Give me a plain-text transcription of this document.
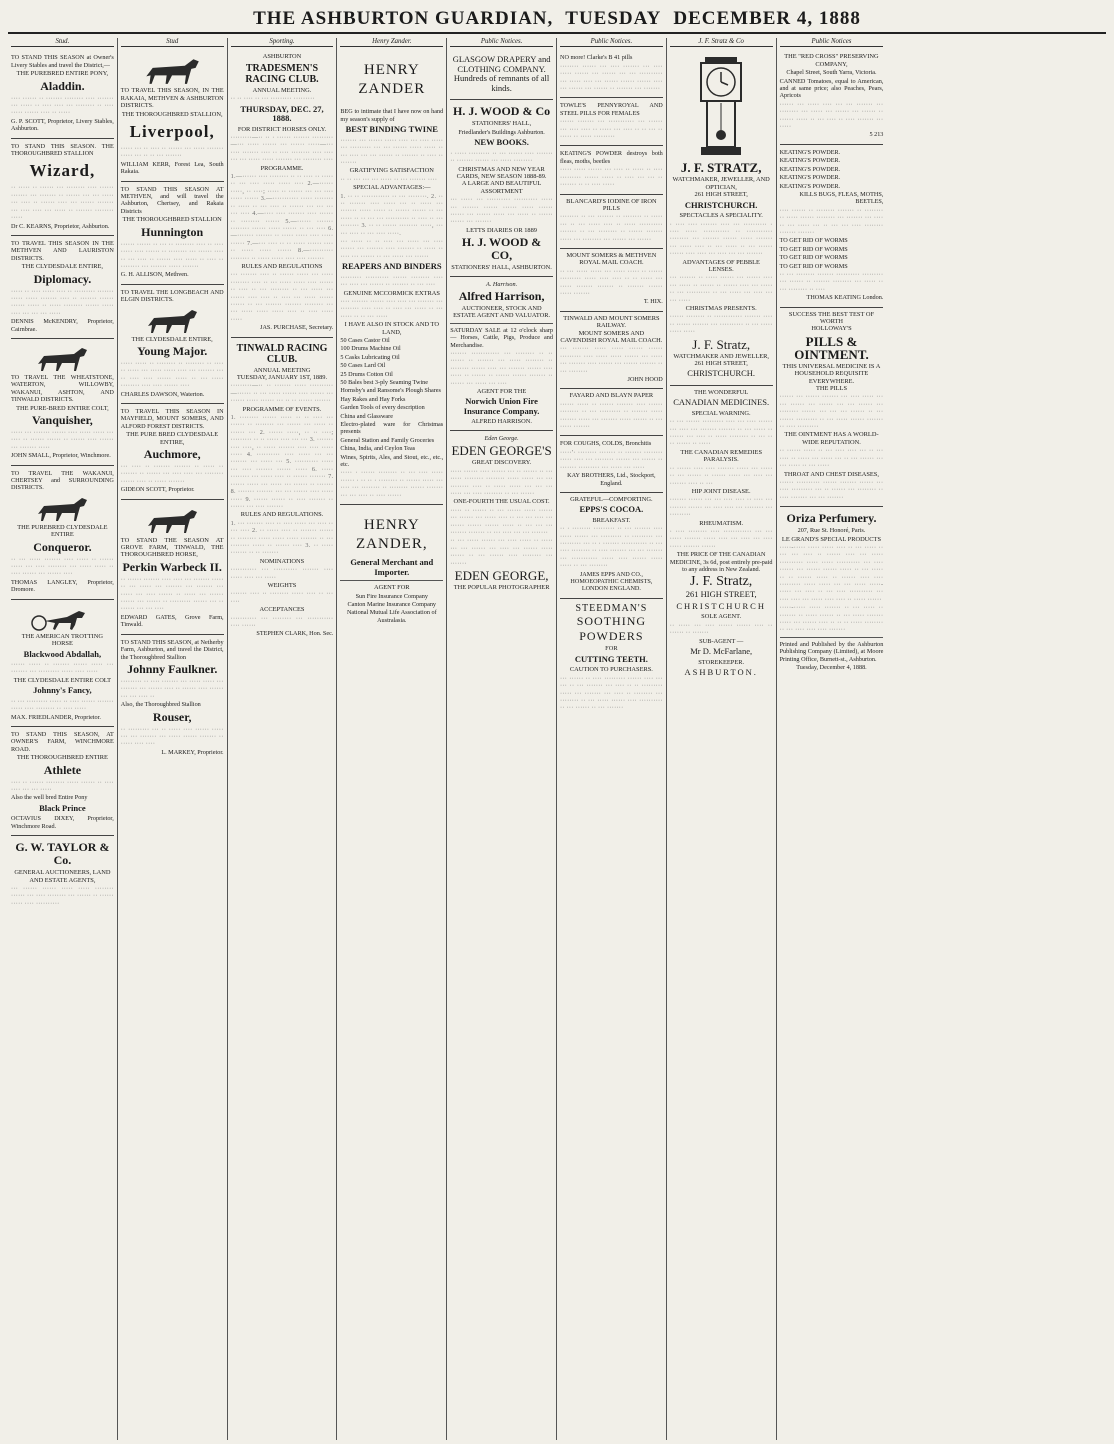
THE ASHBURTON GUARDIAN, TUESDAY DECEMBER 4, 1888
Stud.

TO STAND THIS SEASON at Owner's Livery Stables and travel the District,—

THE PUREBRED ENTIRE PONY,
Aladdin.

···· ······ ·· ······· ········ ···· ······· ··· ····· ·· ···· ···· ··· ········ ·· ···· ····· ······ ···· ·· ·····

G. P. SCOTT, Proprietor, Livery Stables, Ashburton.

TO STAND THIS SEASON. THE THOROUGHBRED STALLION

Wizard,

·· ····· ·· ······ ··· ········ ···· ······ ······· ··· ······· ·· ······ ··· ··· ····· ··· ···· ·· ······ ···· ··· ······ ······· ··· ···· ···· ··· ····· ·· ······· ········ ·····

Dr C. KEARNS, Proprietor, Ashburton.

TO TRAVEL THIS SEASON IN THE METHVEN AND LAURISTON DISTRICTS.

THE CLYDESDALE ENTIRE,
Diplomacy.

····· ·· ···· ····· ···· ·· ········· ······· ····· ····· ······· ···· ·· ······· ······ ······ ····· ·· ····· ········ ······ ····· ···· ··· ··· ··· ·····

DENNIS McKENDRY, Proprietor, Cairnbrae.

TO TRAVEL THE WHEATSTONE, WATERTON, WILLOWBY, WAKANUI, ASHTON, AND TINWALD DISTRICTS.

THE PURE-BRED ENTIRE COLT,
Vanquisher,

····· ··· ······· ······ ···· ····· ····· ··· ···· ·· ······ ······ ·· ······ ···· ······ ··· ······· ·····

JOHN SMALL, Proprietor, Winchmore.

TO TRAVEL THE WAKANUI, CHERTSEY and SURROUNDING DISTRICTS.

THE PUREBRED CLYDESDALE ENTIRE
Conqueror.

·· ··· ····· ······· ···· ····· ·· ······ ····· ··· ···· ········ ··· ····· ····· ·· ···· ······ ··· ······ ····

THOMAS LANGLEY, Proprietor, Dromore.

THE AMERICAN TROTTING HORSE
Blackwood Abdallah,

······ ····· ·· ······· ······ ····· ··· ······· ··· ········· ····· ···· ·····

THE CLYDESDALE ENTIRE COLT
Johnny's Fancy,

·· ··· ········· ····· ·· ···· ······ ······· ····· ···· ········ ·· ···· ·····

MAX. FRIEDLANDER, Proprietor.

TO STAND THIS SEASON, AT OWNER'S FARM, WINCHMORE ROAD.

THE THOROUGHBRED ENTIRE
Athlete

···· ·· ······ ········ ····· ······ ·· ···· ···· ··· ··· ·····

Also the well bred Entire Pony

Black Prince

OCTAVIUS DIXEY, Proprietor, Winchmore Road.

G. W. TAYLOR & Co.
GENERAL AUCTIONEERS, LAND AND ESTATE AGENTS,

··· ······ ······ ····· ····· ········ ······ ··· ···· ········ ··· ······ ·· ······ ····· ···· ··········

Stud

TO TRAVEL THIS SEASON, IN THE RAKAIA, METHVEN & ASHBURTON DISTRICTS.

THE THOROUGHBRED STALLION,
Liverpool,

····· ··· ·· ···· ·· ······ ··· ····· ······· ····· ··· ·· ·· ··· ·······

WILLIAM KERR, Forest Lea, South Rakaia.

TO STAND THIS SEASON AT METHVEN, and will travel the Ashburton, Chertsey, and Rakaia Districts

THE THOROUGHBRED STALLION
Hunnington

······ ······ ·· ··· ·· ········ ···· ·· ···· ····· ···· ······ ·· ········ ··· ······ ···· ·· ··· ···· ·· ······ ···· ····· ·· ···· ·· ········ ··· ······· ····· ·······

G. H. ALLISON, Methven.

TO TRAVEL THE LONGBEACH AND ELGIN DISTRICTS.

THE CLYDESDALE ENTIRE,
Young Major.

····· ····· ·· ········ ·· ········ ·· ···· ·· ····· ··· ····· ····· ···· ··· ······· ··· ·· ···· ···· ······ ····· ·· ··· ····· ········ ···· ···· ······ ····

CHARLES DAWSON, Waterton.

TO TRAVEL THIS SEASON IN MAYFIELD, MOUNT SOMERS, AND ALFORD FOREST DISTRICTS.

THE PURE BRED CLYDESDALE ENTIRE,
Auchmore,

··· ···· ·· ······· ······· ·· ····· ·· ······· ·· ······ ··· ···· ···· ··· ········ ······ ···· ·· ····· ·······

GIDEON SCOTT, Proprietor.

TO STAND THE SEASON AT GROVE FARM, TINWALD, THE THOROUGHBRED HORSE,

Perkin Warbeck II.

·· ······ ······· ···· ···· ··· ······· ····· ·· ··· ····· ··· ······· ··· ······· ··· ····· ··· ···· ······ ·· ····· ··· ······ ······ ··· ······ ·· ········· ······ ··· ·· ······ ··· ··· ····

EDWARD GATES, Grove Farm, Tinwald.

TO STAND THIS SEASON, at Netherby Farm, Ashburton, and travel the District, the Thoroughbred Stallion

Johnny Faulkner.

········· ·· ···· ······· ··· ····· ····· ··· ······· ··· ······ ···· ·· ······ ···· ······ ··· ··· ···· ··

Also, the Thoroughbred Stallion

Rouser,

·· ········· ··· ·· ····· ···· ······ ····· ··· ··· ······· ··· ····· ······ ······· ·· ····· ···· ····

L. MARKEY, Proprietor.

Sporting.
ASHBURTON
TRADESMEN'S RACING CLUB.
ANNUAL MEETING.

·· ·· ···· ·· ··· ········· ·········

THURSDAY, DEC. 27, 1888.
FOR DISTRICT HORSES ONLY.

·········—·· ·· · ······ ······· ·········—··· ····· ······ ··· ······ ·····—··· ···· ······· ···· ·· ···· ········ ···· ···· ··· ··· ····· ····· ······· ··· ········ ····

PROGRAMME.

1.—······ ···· ········ ·· ·· ···· ·· ····· ·· ··· ···· ····· ····· ···· 2.—······ ·····, ·· ····; ····· ·· ······ ··· ··· ···· ····· ······ 3.—··········· ····· ········ ·· ····· ·· ··· ···· ·· ······ ··· ··· ··· ··· ···· 4.—···· ···· ······· ···· ······ ·· ········ ······ 5.—······ ······· ········ ······ ····· ······ ·· ··· ···· 6.—······· ······· ·· ····· ····· ···· ····· ······ 7.—··· ···· ·· ·· ····· ······ ···· ·· ····· ····· ······ 8.—·········· ········ ·· ····· ····· ···· ···· ·······

RULES AND REGULATIONS

··· ······· ···· ·· ······ ····· ··· ····· ········ ···· ·· ··· ····· ····· ···· ······ ·· ···· ·· ··· ········ ·· ··· ····· ··· ······ ···· ···· ·· ···· ··· ····· ······ ······ ·· ··· ······· ······· ········ ··· ··· ····· ····· ····· ···· ·· ···· ····· ·····

JAS. PURCHASE, Secretary.

TINWALD RACING CLUB.
ANNUAL MEETING
TUESDAY, JANUARY 1ST, 1889.

·········—·· ·· ······· ····· ··········—······ ·· ··· ····· ······ ···· ······ ··· ······ ····· ······ ··· ·· ·· ······ ·······

PROGRAMME OF EVENTS.

1. ········ ······ ····· ·· ·· ···· ··· ······ ·· ········ ··· ······ ··· ····· ·· ······ ··· 2. ······ ·····, ·· ·· ····; ········· ·· ·· ····· ···· ··· ··· 3. ······· ···· ····, ·· ····· ······· ···· ···· ····· ····· 4. ·········· ···· ····· ··· ··· ······· ··· ····· ··· 5. ·········· ····· ··· ···· ······· ······ ····· 6. ····· ········ ··· ····· ···· ·· ······ ······· 7. ······ ····· ··· ····· ··· ······ ·· ······· 8. ······· ······· ··· ··· ······ ···· ····· ····· 9. ······ ······ ·· ···· ······· ·· ······ ··· ···· ·······

RULES AND REGULATIONS.

1. ··· ······· ···· ·· ···· ····· ··· ···· ·· ··· ···· 2. ·· ····· ···· ·· ······· ······ ·· ········ ····· ····· ····· ······· ·· ··· ········ ····· ·· ······ ···· 3. ·· ····· ······· ·· ·· ·······

NOMINATIONS

··········· ··· ·········· ······· ···· ····· ···· ··· ·····

WEIGHTS

······· ···· ·· ········ ····· ···· ·· ··· ····

ACCEPTANCES

··········· ··· ········ ··· ··········· ···· ······

STEPHEN CLARK, Hon. Sec.

Henry Zander.
HENRY ZANDER

BEG to intimate that I have now on hand my season's supply of

BEST BINDING TWINE

······· ··· ······ ····· ···· ··· ···· ····· ··· ········· ··· ··· ······ ····· ····· ·· ··· ···· ··· ··· ······ ·· ······· ·· ···· ·· ·······

GRATIFYING SATISFACTION

·· ·· ··· ··· ··· ····· ·· ··· ······· ····

SPECIAL ADVANTAGES:—

1. ·· ·· ············ ·· ··· ········. 2. ·· ·· ······· ···· ····· ··· ·· ····· ··· ······· ····· ····· ·· ······ ······ ·· ··· ····· ·· ·· ··· ··· ·········· ·· ···· ·· ··· ········ 3. ·· ·· ······ ········ ·····, ··· ··· ···· ·· ··· ···· ·····.

··· ····· ·· ·· ···· ··· ····· ··· ···· ······ ··· ······· ···· ······· ·· ····· ·· ···· ··· ······ ·· ··· ····· ··· ······

REAPERS AND BINDERS

········· ·········· ······ ········ ···· ··· ···· ··· ······ ·· ······· ·· ··· ····

GENUINE MCCORMICK EXTRAS

···· ······· ······ ···· ···· ··· ······· ··· ········ ···· ···· ·· ···· ··· ····· ·· ··· ····· ·· ·· ··· ·····

I HAVE ALSO IN STOCK AND TO LAND,

50 Cases Castor Oil

100 Drums Machine Oil

5 Casks Lubricating Oil

50 Cases Lard Oil

25 Drums Cotton Oil

50 Bales best 3-ply Seaming Twine

Hornsby's and Ransome's Plough Shares

Hay Rakes and Hay Forks

Garden Tools of every description

China and Glassware

Electro-plated ware for Christmas presents

General Station and Family Groceries

China, India, and Ceylon Teas

Wines, Spirits, Ales, and Stout, etc., etc., etc.

····· · ······ ········ ·· ··· ···· ····· ······ · ·· ·· · ········ ·· ······ ····· ··· ···· ··· ········ ·· ········ ······ ······· ··· ··· ···· ·· ···· ······

HENRY ZANDER,
General Merchant and Importer.
AGENT FOR

Sun Fire Insurance Company

Canton Marine Insurance Company

National Mutual Life Association of Australasia.

Public Notices.
GLASGOW DRAPERY and CLOTHING COMPANY. Hundreds of remnants of all kinds.
H. J. WOOD & Co
STATIONERS' HALL,

Friedlander's Buildings Ashburton.

NEW BOOKS.

· ····· ········· ·· ··· ······ ···· ······· ·· ······· ······ ··· ····· ········

CHRISTMAS AND NEW YEAR CARDS, NEW SEASON 1888-89.
A LARGE AND BEAUTIFUL ASSORTMENT

··· ····· ··· ·········· ·········· ····· ··· ······· ······ ······ ····· ······ ······ ··· ······ ····· ··· ····· ·· ······ ······ ··· ·······

LETTS DIARIES OR 1889
H. J. WOOD & CO,
STATIONERS' HALL, ASHBURTON.

A. Harrison.

Alfred Harrison,
AUCTIONEER, STOCK AND ESTATE AGENT AND VALUATOR.

SATURDAY SALE at 12 o'clock sharp — Horses, Cattle, Pigs, Produce and Merchandise.

······· ············ ··· ········ ·· ·· ······ ·· ······· ··· ····· ········ ·· ········ ······ ···· ··· ······· ······ ···· ····· ·· ······ ·· ······ ······ ······· ·· ······ ··· ····· ··· ····

AGENT FOR THE
Norwich Union Fire Insurance Company.
ALFRED HARRISON.

Eden George.

EDEN GEORGE'S
GREAT DISCOVERY.

····· ······ ···· ······ ··· ·· ······ ·· ··· ····· ········ ········ ····· ····· ··· ··· ········ ···· ·· ····· ····· ··· ··· ··· ····· ··· ···· ········ ·· ··· ······

ONE-FOURTH THE USUAL COST.

····· ·· ······ ·· ··· ······ ····· ······ ··· ······ ··· ····· ···· ·· ··· ··· ···· ··· ······ ······ ······ ····· ·· ··· ··· ··· ······· ······· ·· ··· ···· ··· ··· ·······

·· ··· ····· ······ ··· ···· ····· ·· ····· ··· ··· ······ ··· ···· ··· ······ ····· ······ ·· ··· ······ ···· ········ ··· ·······

EDEN GEORGE,
THE POPULAR PHOTOGRAPHER
Public Notices.

NO more! Clarke's B 41 pills

········ ······ ··· ···· ······· ··· ···· ····· ······ ··· ······ ··· ··· ·········· ··· ····· ···· ··· ······ ······ ······ ···· ··· ······ ··· ······ ·· ······· ··· ·······

TOWLE'S PENNYROYAL AND STEEL PILLS FOR FEMALES

······ ······· ··· ··········· ··· ······ ··· ···· ···· ·· ····· ··· ···· ·· ·· ··· ·· ····· ·· ····· ·········

KEATING'S POWDER destroys both fleas, moths, beetles

····· ····· ······ ··· ···· ·· ····· ·· ···· ········· ······ ····· ·· ···· ··· ··· ·· ······· ·· ·· ···· ·····

BLANCARD'S IODINE OF IRON PILLS

········ ·· ··· ······· ·· ········ ·· ····· ··· ·· ··· ····· ···· ·· ····· ·········· ······· ·· ··· ········ ·· ······ ······· ····· ··· ········ ··· ······ ··· ······

MOUNT SOMERS & METHVEN ROYAL MAIL COACH.

·· ··· ····· ····· ··· ····· ····· ·· ······ ········· ····· ···· ···· ·· ·· ····· ··· ····· ······· ······· ·· ······· ······ ····· ·······

T. HIX.

TINWALD AND MOUNT SOMERS RAILWAY.
MOUNT SOMERS AND CAVENDISH ROYAL MAIL COACH.

··· ······· ····· ····· ······ ······ ········· ···· ····· ····· ······ ··· ····· ··· ······· ···· ······ ··· ······ ······· ·· ··· ········

JOHN HOOD

FAYARD AND BLAYN PAPER

······ ····· ·· ······ ······· ···· ······ ········ ·· ··· ········· ·· ······· ····· ······· ····· ··· ······· ····· ······ ·· ··· ····· ·······

FOR COUGHS, COLDS, Bronchitis

·····'· ········ ······· ·· ······· ········ ····· ···· ··· ········ ······ ··· ······ ·· ······· ········· ··· ····· ··· ·····

KAY BROTHERS, Ltd., Stockport, England.

GRATEFUL—COMFORTING.
EPPS'S COCOA.
BREAKFAST.

·· · ········ ········· ·· ··· ······· ···· ····· ······ ··· ········· ·· ········· ··· ········· ··· ·· · ······· ··········· ·· ··· ···· ········ ·· ···· ······· ··· ··· ······· ··· ··········· ····· ···· ······ ····· ····· ·· ··· ········

JAMES EPPS AND CO., HOMOEOPATHIC CHEMISTS, LONDON ENGLAND.

STEEDMAN'S
SOOTHING
POWDERS
FOR
CUTTING TEETH.
CAUTION TO PURCHASERS.

··· ······ ·· ···· ········· ······ ···· ··· ··· ·· ··· ······· ··· ···· ·· ·· ········· ····· ··· ······· ··· ···· ·· ········ ··· ········ ·· ··· ····· ······ ···· ·········· ·· ··· ······ ·· ··· ·······

J. F. Stratz & Co
J. F. STRATZ,
WATCHMAKER, JEWELLER, AND OPTICIAN,
261 HIGH STREET,
CHRISTCHURCH.
SPECTACLES A SPECIALITY.

· ···· ···· ······· ···· ··· ·········· · ···· ····· ··········· ·· ··········· ········ ··· ······· ······ ····· ······· ··· ····· ···· ·· ··· ····· ·· ··· ······ ······ ···· ···· ··· ···· ··· ··· ·······

ADVANTAGES OF PEBBLE LENSES.

··· ······· ·· ····· ······ ··· ······ ···· ··· ····· ·· ······ ·· ······ ···· ··· ····· ·· ··· ·········· ·· ··· ····· ··· ···· ··· ··· ·····

CHRISTMAS PRESENTS.

······ ········ ·· ············ ······· ···· ·· ······ ······· ··· ·········· ·· ··· ····· ····· ·····

J. F. Stratz,
WATCHMAKER AND JEWELLER,
261 HIGH STREET,
CHRISTCHURCH.
THE WONDERFUL
CANADIAN MEDICINES.
SPECIAL WARNING.

·· ··· ······ ········· ···· ··· ···· ······ ··· ···· ··· ······· ······· ·· ··· ····· ·· ······ ··· ···· ·· ····· ········ ·· ··· ·· ·· ······ ·· ·····

THE CANADIAN REMEDIES
PARALYSIS.

·· ······ ···· ···· ······· ····· ··· ····· ·· ··· ······ ·· ······ ····· ··· ···· ··· ······· ···· ·· ···

HIP JOINT DISEASE.

······· ······ ··· ··· ···· ···· ·· ···· ··· ······· ······ ··· ···· ···· ··· ········ ··· ·········

RHEUMATISM.

· ···· ········ ···· ············ ··· ··· ····· ······· ····· ···· ··· ···· ··· ···· ····· ······· ······

THE PRICE OF THE CANADIAN MEDICINE, 3s 6d, post entirely pre-paid to any address in New Zealand.

J. F. Stratz,
261 HIGH STREET,
CHRISTCHURCH
SOLE AGENT.

·· ····· ··· ···· ······ ······ ···· ·· ······ ·· ·······

SUB-AGENT —
Mr D. McFarlane,
STOREKEEPER.
ASHBURTON.
Public Notices
THE "RED CROSS" PRESERVING COMPANY,

Chapel Street, South Yarra, Victoria.

CANNED Tomatoes, equal to American, and at same price; also Peaches, Pears, Apricots

······ ··· ····· ···· ··· ··· ······· ··· ········ ··· ····· ··· ······ ··· ······ ·· ······ ····· ·· ··· ···· ·· ···· ······· ··· ·····

5 213

KEATING'S POWDER.

KEATING'S POWDER.

KEATING'S POWDER.

KEATING'S POWDER.

KEATING'S POWDER.

KILLS BUGS, FLEAS, MOTHS, BEETLES,

···· ······ ·· ········ ······· ·· ········ ·· ····· ······ ········ ··· ······· ··· ···· ·· ··· ····· ··· ·· ··· ··· ···· ········ ······· ·······

TO GET RID OF WORMS

TO GET RID OF WORMS

TO GET RID OF WORMS

TO GET RID OF WORMS

·· ··· ········ ······· ·········· ········· ··· ······ ·· ······· ········ ··· ····· ·· ··· ········ ·· ····

THOMAS KEATING London.

SUCCESS THE BEST TEST OF WORTH
HOLLOWAY'S
PILLS & OINTMENT.
THIS UNIVERSAL MEDICINE IS A HOUSEHOLD REQUISITE EVERYWHERE.
THE PILLS

······ ··· ······ ······· ··· ···· ····· ··· ··· ······ ··· ······ ··· ··· ······ ··· ········ ······ ··· ··· ··· ······ ·· ··· ······ ········· ·· ··· ····· ······ ······· ·· ···· ·········

THE OINTMENT HAS A WORLD-WIDE REPUTATION.

·· ······ ····· ·· ··· ···· ···· ··· ·· ··· ···· ·· ····· ··· ····· ··· ·· ··· ······ ··· ··· ····· ·· ··· ·····

THROAT AND CHEST DISEASES,

······ ·········· ······ ······· ······ ··· ···· ········· ··· ·· ······ ··· ········ ·· ···· ······· ··· ··· ·······

Oriza Perfumery.

207, Rue St. Honoré, Paris.

LE GRAND'S SPECIAL PRODUCTS

·····-····· ····· ····· ···· ·· ··· ····· ·· ··· ··· ···· ·· ······ ···· ··· ····· ·········· ····· ····· ·········· ··· ···· ······ ··· ······ ······ ····· ·· ··· ····· ·· ·· ······ ····· ·· ······ ···· ···· ········· ····· ····· ··· ··· ····· ·····-····· ··· ···· ·· ··· ···· ·········· ··· ···· ···· ··· ····· ···· ···· ·· ····· ······

·····-····· ····· ······· ·· ··· ····· ·· ······· ·· ····· ······ ·· ··· ····· ······· ····· ··· ······ ···· ·· ·· ·· ····· ········ ·· ··· ···· ···· ···· ·······

Printed and Published by the Ashburton Publishing Company (Limited), at Moore Printing Office, Burnett-st., Ashburton.

Tuesday, December 4, 1888.
